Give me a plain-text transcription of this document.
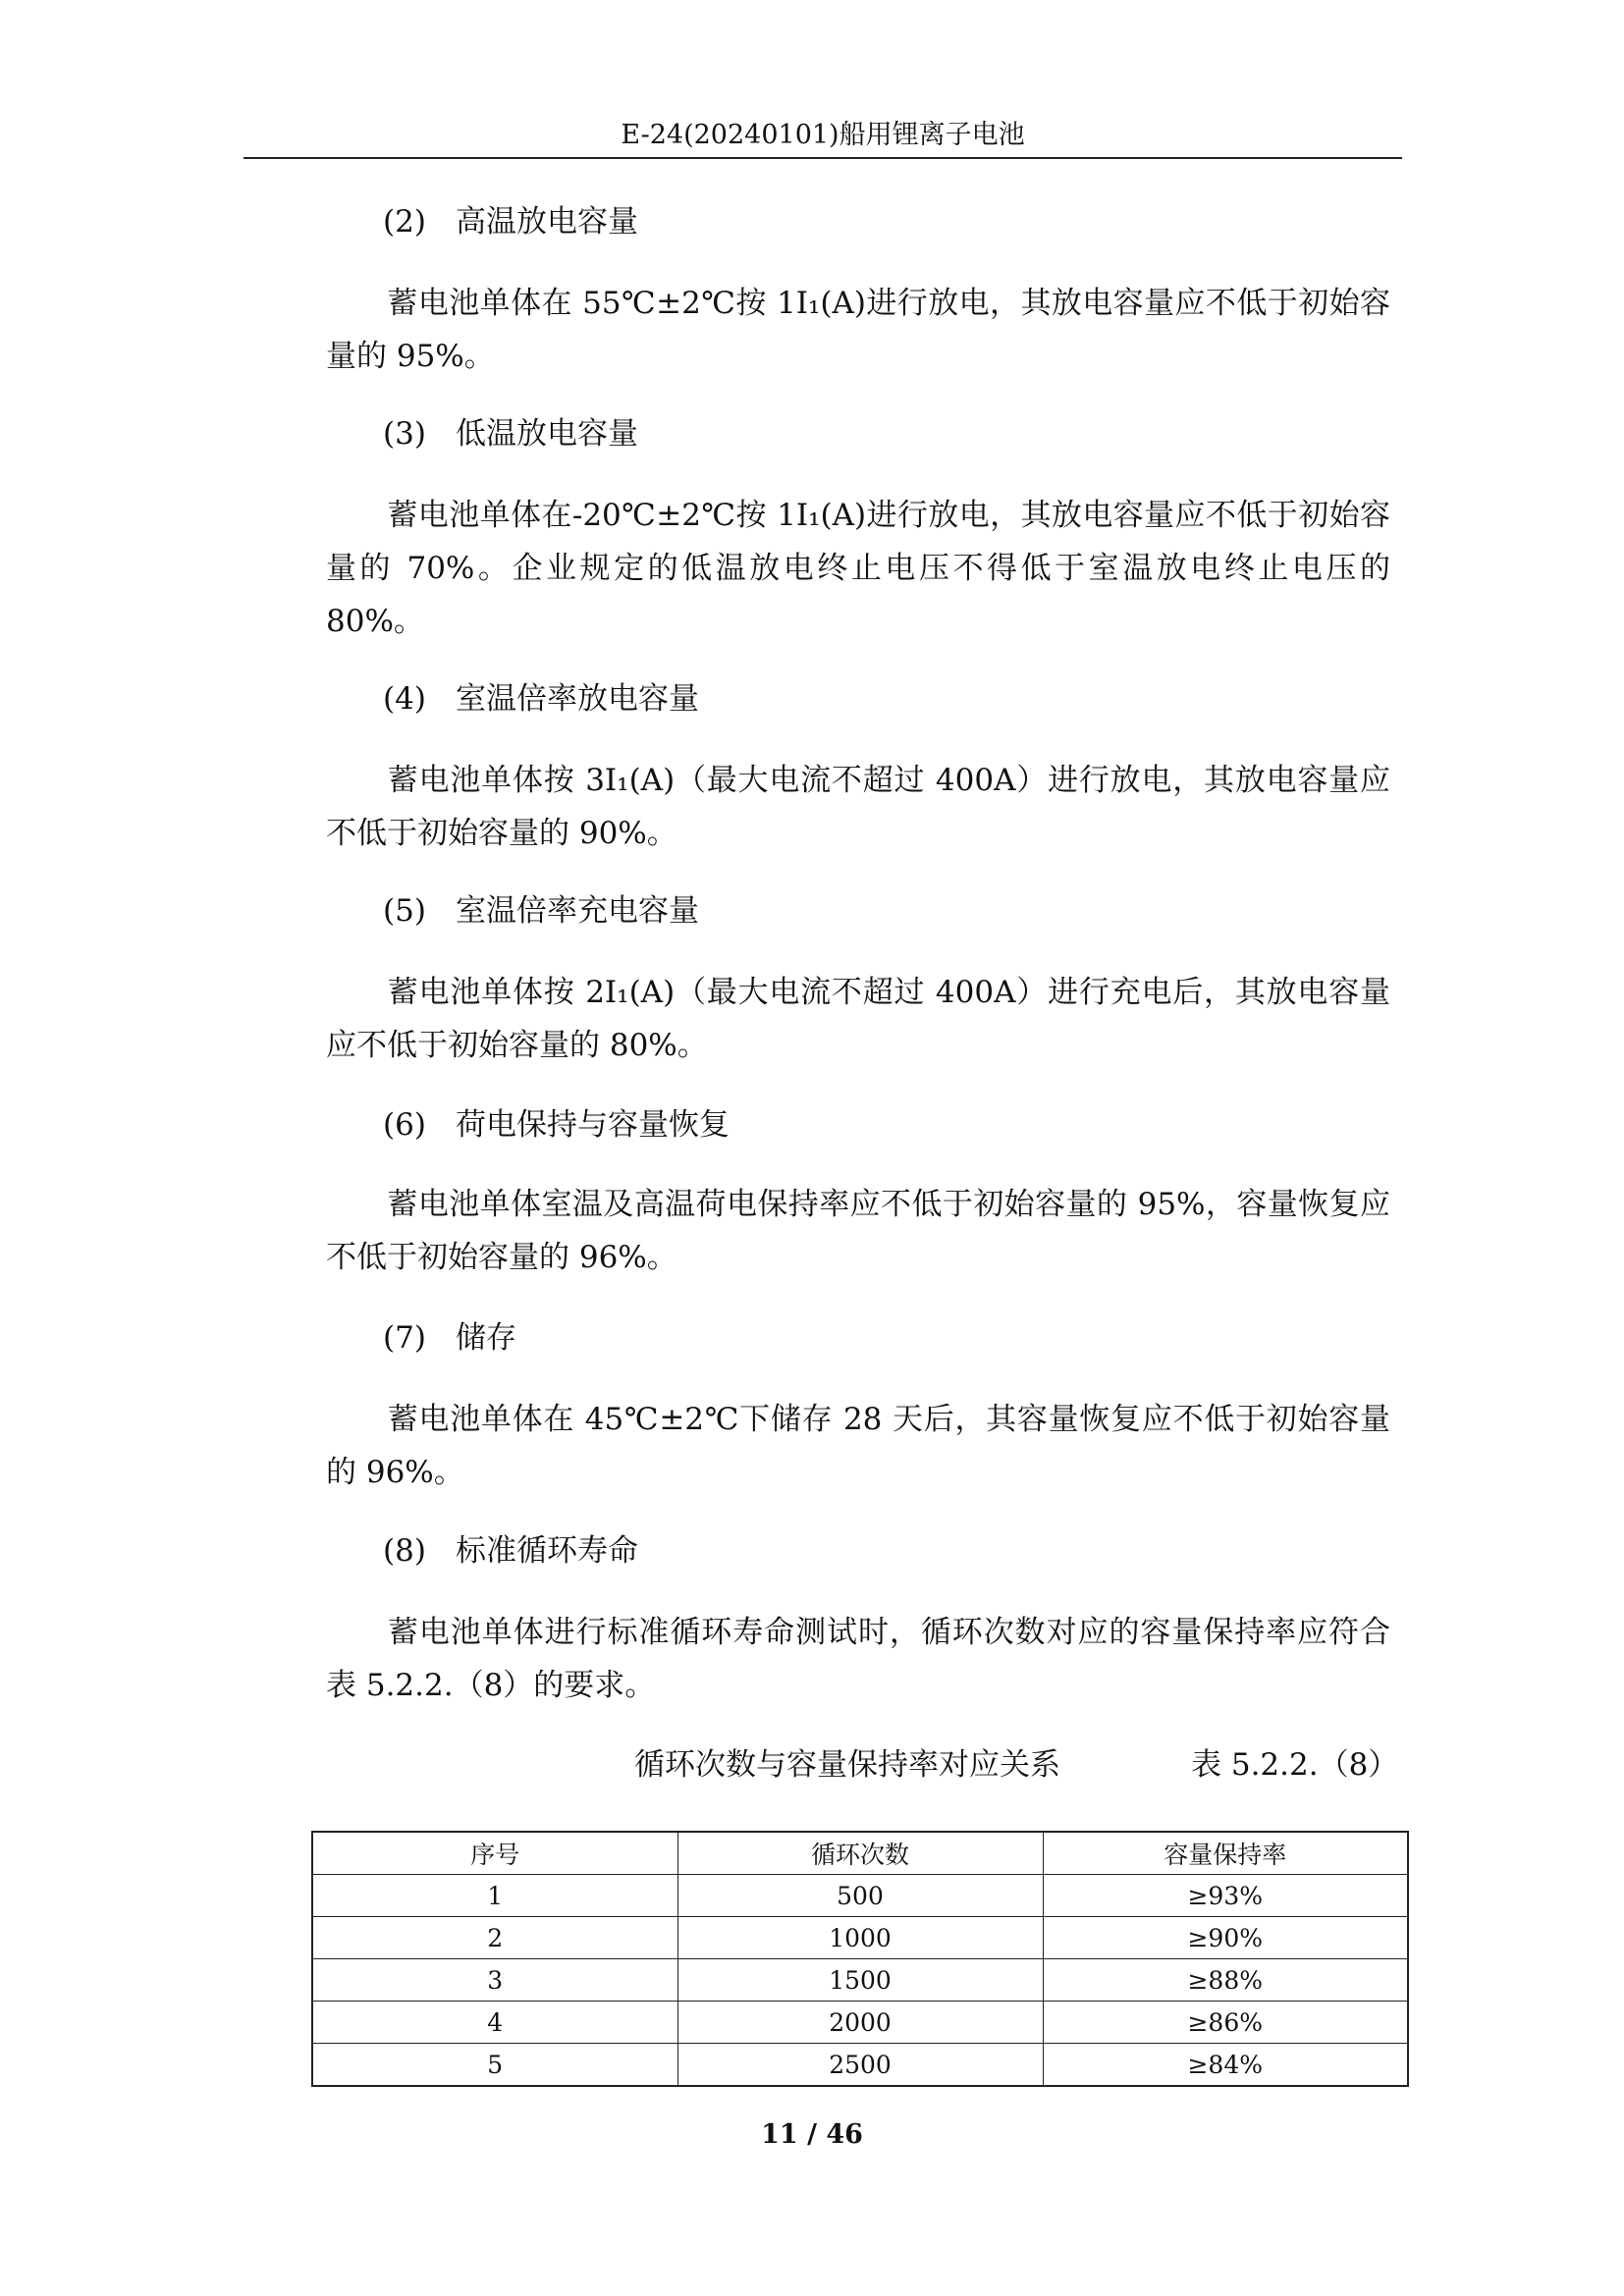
E-24(20240101)船用锂离子电池
(2) 高温放电容量
蓄电池单体在 55℃±2℃按 1I₁(A)进行放电，其放电容量应不低于初始容量的 95%。
(3) 低温放电容量
蓄电池单体在-20℃±2℃按 1I₁(A)进行放电，其放电容量应不低于初始容量的 70%。企业规定的低温放电终止电压不得低于室温放电终止电压的 80%。
(4) 室温倍率放电容量
蓄电池单体按 3I₁(A)（最大电流不超过 400A）进行放电，其放电容量应不低于初始容量的 90%。
(5) 室温倍率充电容量
蓄电池单体按 2I₁(A)（最大电流不超过 400A）进行充电后，其放电容量应不低于初始容量的 80%。
(6) 荷电保持与容量恢复
蓄电池单体室温及高温荷电保持率应不低于初始容量的 95%，容量恢复应不低于初始容量的 96%。
(7) 储存
蓄电池单体在 45℃±2℃下储存 28 天后，其容量恢复应不低于初始容量的 96%。
(8) 标准循环寿命
蓄电池单体进行标准循环寿命测试时，循环次数对应的容量保持率应符合表 5.2.2.（8）的要求。
循环次数与容量保持率对应关系	表 5.2.2.（8）
序号	循环次数	容量保持率
1	500	≥93%
2	1000	≥90%
3	1500	≥88%
4	2000	≥86%
5	2500	≥84%
11 / 46
